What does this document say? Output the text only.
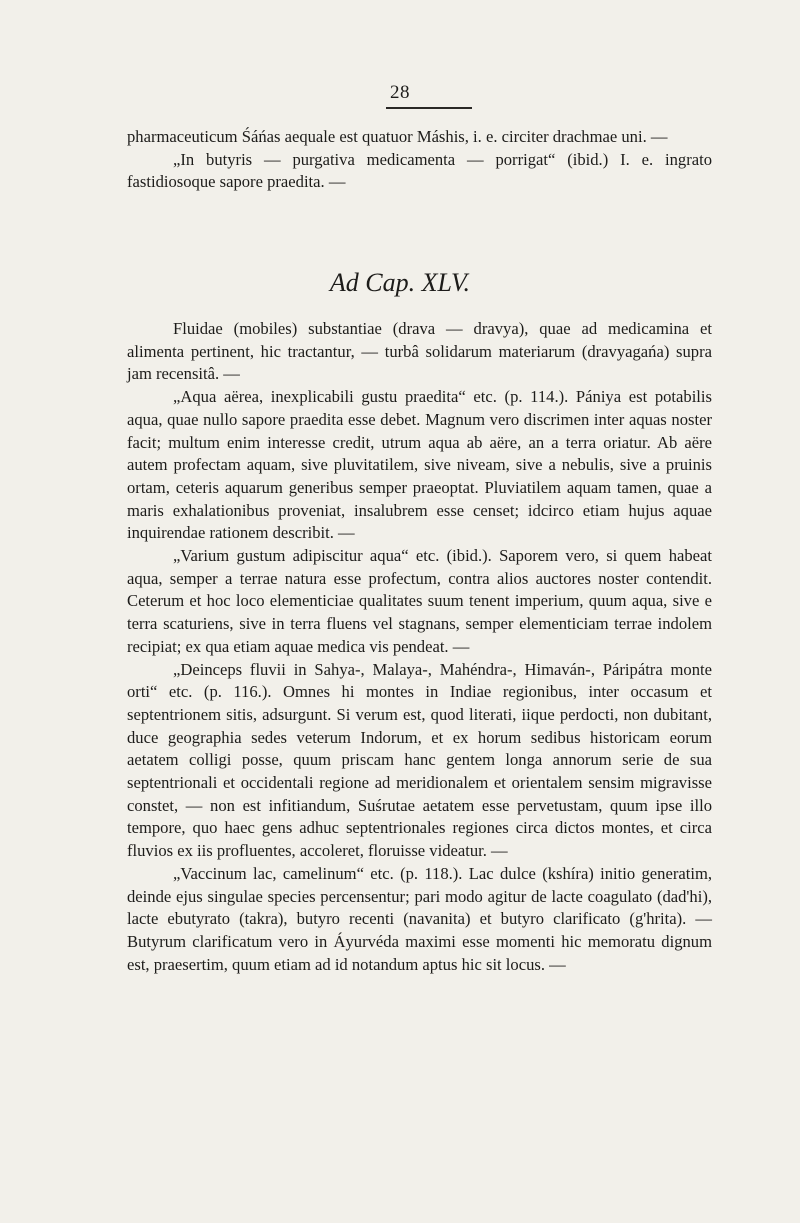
28

pharmaceuticum Śáńas aequale est quatuor Máshis, i. e. circiter drachmae uni. —

„In butyris — purgativa medicamenta — porrigat“ (ibid.) I. e. ingrato fastidiosoque sapore praedita. —

Ad Cap. XLV.

Fluidae (mobiles) substantiae (drava — dravya), quae ad medicamina et alimenta pertinent, hic tractantur, — turbâ solidarum materiarum (dravyagańa) supra jam recensitâ. —

„Aqua aërea, inexplicabili gustu praedita“ etc. (p. 114.). Pániya est potabilis aqua, quae nullo sapore praedita esse debet. Magnum vero discrimen inter aquas noster facit; multum enim interesse credit, utrum aqua ab aëre, an a terra oriatur. Ab aëre autem profectam aquam, sive pluvitatilem, sive niveam, sive a nebulis, sive a pruinis ortam, ceteris aquarum generibus semper praeoptat. Pluviatilem aquam tamen, quae a maris exhalationibus proveniat, insalubrem esse censet; idcirco etiam hujus aquae inquirendae rationem describit. —

„Varium gustum adipiscitur aqua“ etc. (ibid.). Saporem vero, si quem habeat aqua, semper a terrae natura esse profectum, contra alios auctores noster contendit. Ceterum et hoc loco elementiciae qualitates suum tenent imperium, quum aqua, sive e terra scaturiens, sive in terra fluens vel stagnans, semper elementiciam terrae indolem recipiat; ex qua etiam aquae medica vis pendeat. —

„Deinceps fluvii in Sahya-, Malaya-, Mahéndra-, Himaván-, Páripátra monte orti“ etc. (p. 116.). Omnes hi montes in Indiae regionibus, inter occasum et septentrionem sitis, adsurgunt. Si verum est, quod literati, iique perdocti, non dubitant, duce geographia sedes veterum Indorum, et ex horum sedibus historicam eorum aetatem colligi posse, quum priscam hanc gentem longa annorum serie de sua septentrionali et occidentali regione ad meridionalem et orientalem sensim migravisse constet, — non est infitiandum, Suśrutae aetatem esse pervetustam, quum ipse illo tempore, quo haec gens adhuc septentrionales regiones circa dictos montes, et circa fluvios ex iis profluentes, accoleret, floruisse videatur. —

„Vaccinum lac, camelinum“ etc. (p. 118.). Lac dulce (kshíra) initio generatim, deinde ejus singulae species percensentur; pari modo agitur de lacte coagulato (dad'hi), lacte ebutyrato (takra), butyro recenti (navanita) et butyro clarificato (g'hrita). — Butyrum clarificatum vero in Áyurvéda maximi esse momenti hic memoratu dignum est, praesertim, quum etiam ad id notandum aptus hic sit locus. —
